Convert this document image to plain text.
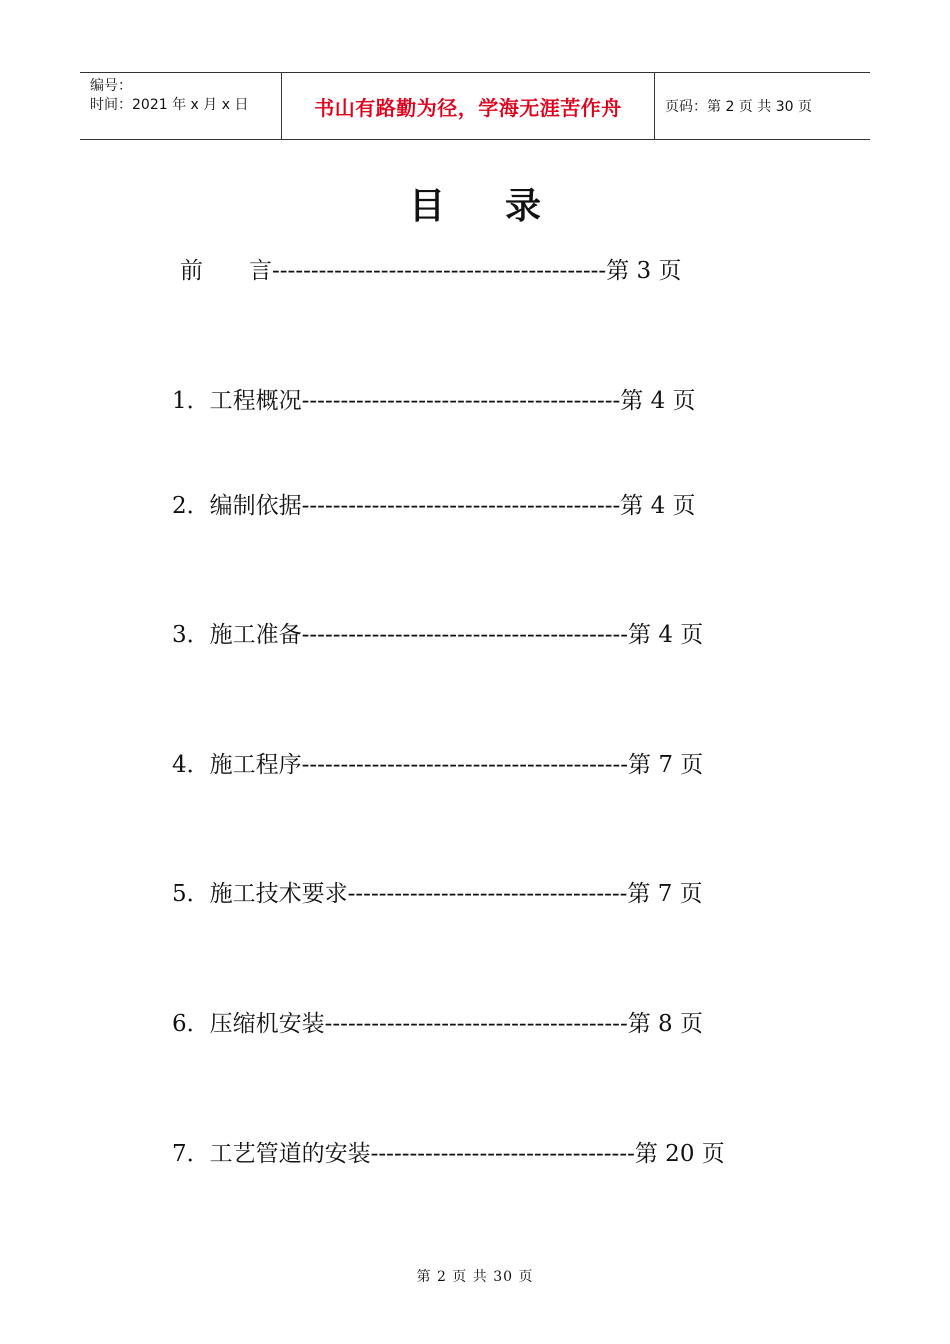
编号：
时间：2021 年 x 月 x 日	书山有路勤为径，学海无涯苦作舟	页码：第 2 页 共 30 页
目 录
前　　言-------------------------------------------第 3 页
1．工程概况-----------------------------------------第 4 页
2．编制依据-----------------------------------------第 4 页
3．施工准备------------------------------------------第 4 页
4．施工程序------------------------------------------第 7 页
5．施工技术要求------------------------------------第 7 页
6．压缩机安装---------------------------------------第 8 页
7．工艺管道的安装----------------------------------第 20 页
第 2 页 共 30 页
